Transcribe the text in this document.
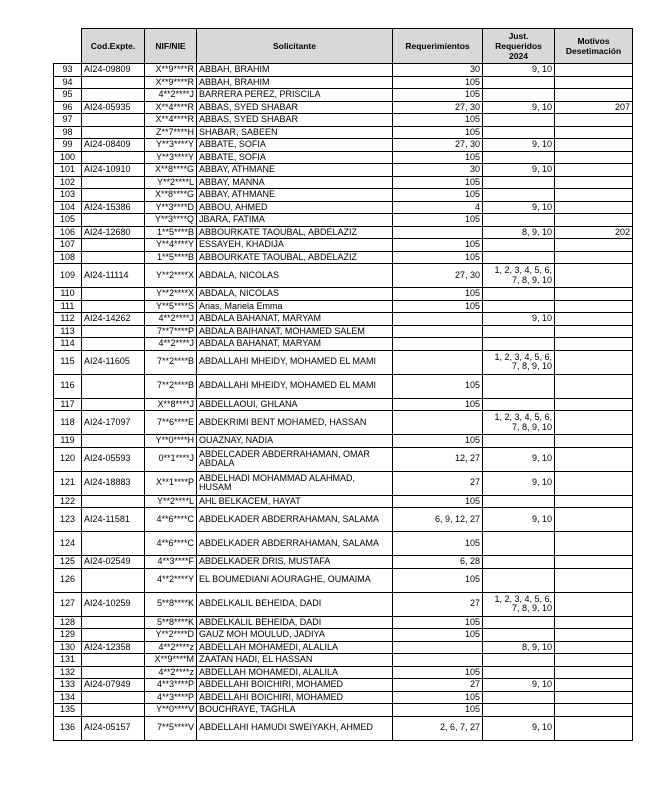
	Cod.Expte.	NIF/NIE	Solicitante	Requerimientos	Just. Requeridos 2024	Motivos Desetimación
93	AI24-09809	X**9****R	ABBAH, BRAHIM	30	9, 10	
94		X**9****R	ABBAH, BRAHIM	105		
95		4**2****J	BARRERA PEREZ, PRISCILA	105		
96	AI24-05935	X**4****R	ABBAS, SYED SHABAR	27, 30	9, 10	207
97		X**4****R	ABBAS, SYED SHABAR	105		
98		Z**7****H	SHABAR, SABEEN	105		
99	AI24-08409	Y**3****Y	ABBATE, SOFIA	27, 30	9, 10	
100		Y**3****Y	ABBATE, SOFIA	105		
101	AI24-10910	X**8****G	ABBAY, ATHMANE	30	9, 10	
102		Y**2****L	ABBAY, MANNA	105		
103		X**8****G	ABBAY, ATHMANE	105		
104	AI24-15386	Y**3****D	ABBOU, AHMED	4	9, 10	
105		Y**3****Q	JBARA, FATIMA	105		
106	AI24-12680	1**5****B	ABBOURKATE TAOUBAL, ABDELAZIZ		8, 9, 10	202
107		Y**4****Y	ESSAYEH, KHADIJA	105		
108		1**5****B	ABBOURKATE TAOUBAL, ABDELAZIZ	105		
109	AI24-11114	Y**2****X	ABDALA, NICOLAS	27, 30	1, 2, 3, 4, 5, 6, 7, 8, 9, 10	
110		Y**2****X	ABDALA, NICOLAS	105		
111		Y**5****S	Arias, Mariela Emma	105		
112	AI24-14262	4**2****J	ABDALA BAHANAT, MARYAM		9, 10	
113		7**7****P	ABDALA BAIHANAT, MOHAMED SALEM			
114		4**2****J	ABDALA BAHANAT, MARYAM			
115	AI24-11605	7**2****B	ABDALLAHI MHEIDY, MOHAMED EL MAMI		1, 2, 3, 4, 5, 6, 7, 8, 9, 10	
116		7**2****B	ABDALLAHI MHEIDY, MOHAMED EL MAMI	105		
117		X**8****J	ABDELLAOUI, GHLANA	105		
118	AI24-17097	7**6****E	ABDEKRIMI BENT MOHAMED, HASSAN		1, 2, 3, 4, 5, 6, 7, 8, 9, 10	
119		Y**0****H	OUAZNAY, NADIA	105		
120	AI24-05593	0**1****J	ABDELCADER ABDERRAHAMAN, OMAR ABDALA	12, 27	9, 10	
121	AI24-18883	X**1****P	ABDELHADI MOHAMMAD ALAHMAD, HUSAM	27	9, 10	
122		Y**2****L	AHL BELKACEM, HAYAT	105		
123	AI24-11581	4**6****C	ABDELKADER ABDERRAHAMAN, SALAMA	6, 9, 12, 27	9, 10	
124		4**6****C	ABDELKADER ABDERRAHAMAN, SALAMA	105		
125	AI24-02549	4**3****F	ABDELKADER DRIS, MUSTAFA	6, 28		
126		4**2****Y	EL BOUMEDIANI AOURAGHE, OUMAIMA	105		
127	AI24-10259	5**8****K	ABDELKALIL BEHEIDA, DADI	27	1, 2, 3, 4, 5, 6, 7, 8, 9, 10	
128		5**8****K	ABDELKALIL BEHEIDA, DADI	105		
129		Y**2****D	GAUZ MOH MOULUD, JADIYA	105		
130	AI24-12358	4**2****z	ABDELLAH MOHAMEDI, ALALILA		8, 9, 10	
131		X**9****M	ZAATAN HADI, EL HASSAN			
132		4**2****z	ABDELLAH MOHAMEDI, ALALILA	105		
133	AI24-07949	4**3****P	ABDELLAHI BOICHIRI, MOHAMED	27	9, 10	
134		4**3****P	ABDELLAHI BOICHIRI, MOHAMED	105		
135		Y**0****V	BOUCHRAYE, TAGHLA	105		
136	AI24-05157	7**5****V	ABDELLAHI HAMUDI SWEIYAKH, AHMED	2, 6, 7, 27	9, 10	
